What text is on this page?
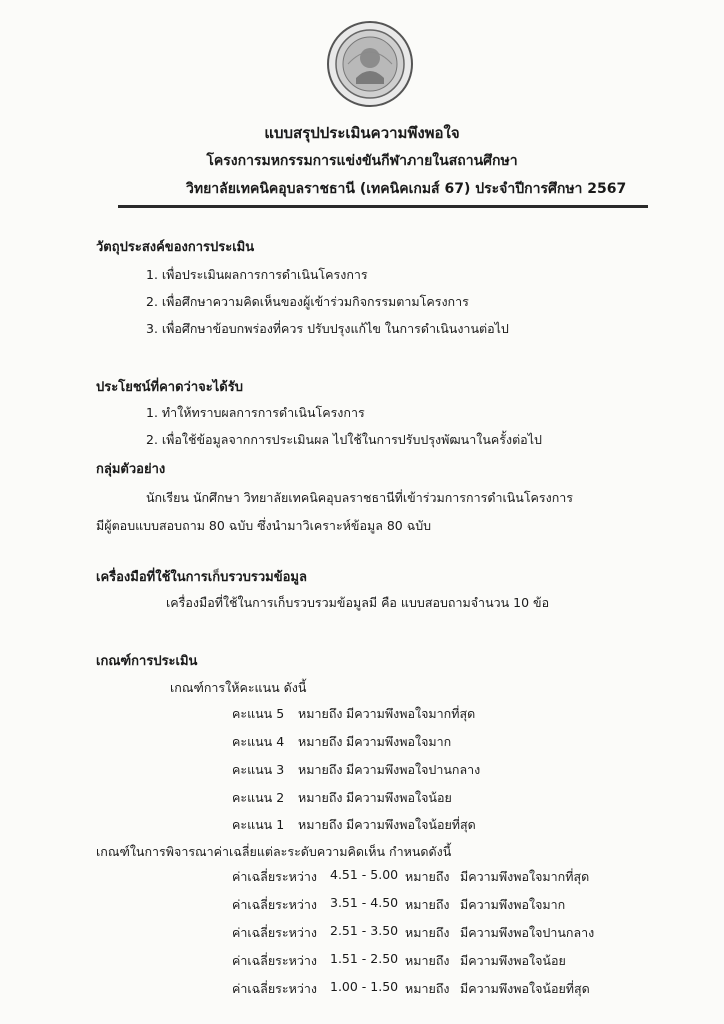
แบบสรุปประเมินความพึงพอใจ
โครงการมหกรรมการแข่งขันกีฬาภายในสถานศึกษา
วิทยาลัยเทคนิคอุบลราชธานี (เทคนิคเกมส์ 67) ประจำปีการศึกษา 2567
วัตถุประสงค์ของการประเมิน
1. เพื่อประเมินผลการการดำเนินโครงการ
2. เพื่อศึกษาความคิดเห็นของผู้เข้าร่วมกิจกรรมตามโครงการ
3. เพื่อศึกษาข้อบกพร่องที่ควร ปรับปรุงแก้ไข ในการดำเนินงานต่อไป
ประโยชน์ที่คาดว่าจะได้รับ
1. ทำให้ทราบผลการการดำเนินโครงการ
2. เพื่อใช้ข้อมูลจากการประเมินผล ไปใช้ในการปรับปรุงพัฒนาในครั้งต่อไป
กลุ่มตัวอย่าง
นักเรียน นักศึกษา วิทยาลัยเทคนิคอุบลราชธานีที่เข้าร่วมการการดำเนินโครงการ
มีผู้ตอบแบบสอบถาม 80 ฉบับ ซึ่งนำมาวิเคราะห์ข้อมูล 80 ฉบับ
เครื่องมือที่ใช้ในการเก็บรวบรวมข้อมูล
เครื่องมือที่ใช้ในการเก็บรวบรวมข้อมูลมี คือ แบบสอบถามจำนวน 10 ข้อ
เกณฑ์การประเมิน
เกณฑ์การให้คะแนน ดังนี้
คะแนน 5 หมายถึง มีความพึงพอใจมากที่สุด
คะแนน 4 หมายถึง มีความพึงพอใจมาก
คะแนน 3 หมายถึง มีความพึงพอใจปานกลาง
คะแนน 2 หมายถึง มีความพึงพอใจน้อย
คะแนน 1 หมายถึง มีความพึงพอใจน้อยที่สุด
เกณฑ์ในการพิจารณาค่าเฉลี่ยแต่ละระดับความคิดเห็น กำหนดดังนี้
ค่าเฉลี่ยระหว่าง 4.51 - 5.00 หมายถึง มีความพึงพอใจมากที่สุด
ค่าเฉลี่ยระหว่าง 3.51 - 4.50 หมายถึง มีความพึงพอใจมาก
ค่าเฉลี่ยระหว่าง 2.51 - 3.50 หมายถึง มีความพึงพอใจปานกลาง
ค่าเฉลี่ยระหว่าง 1.51 - 2.50 หมายถึง มีความพึงพอใจน้อย
ค่าเฉลี่ยระหว่าง 1.00 - 1.50 หมายถึง มีความพึงพอใจน้อยที่สุด
